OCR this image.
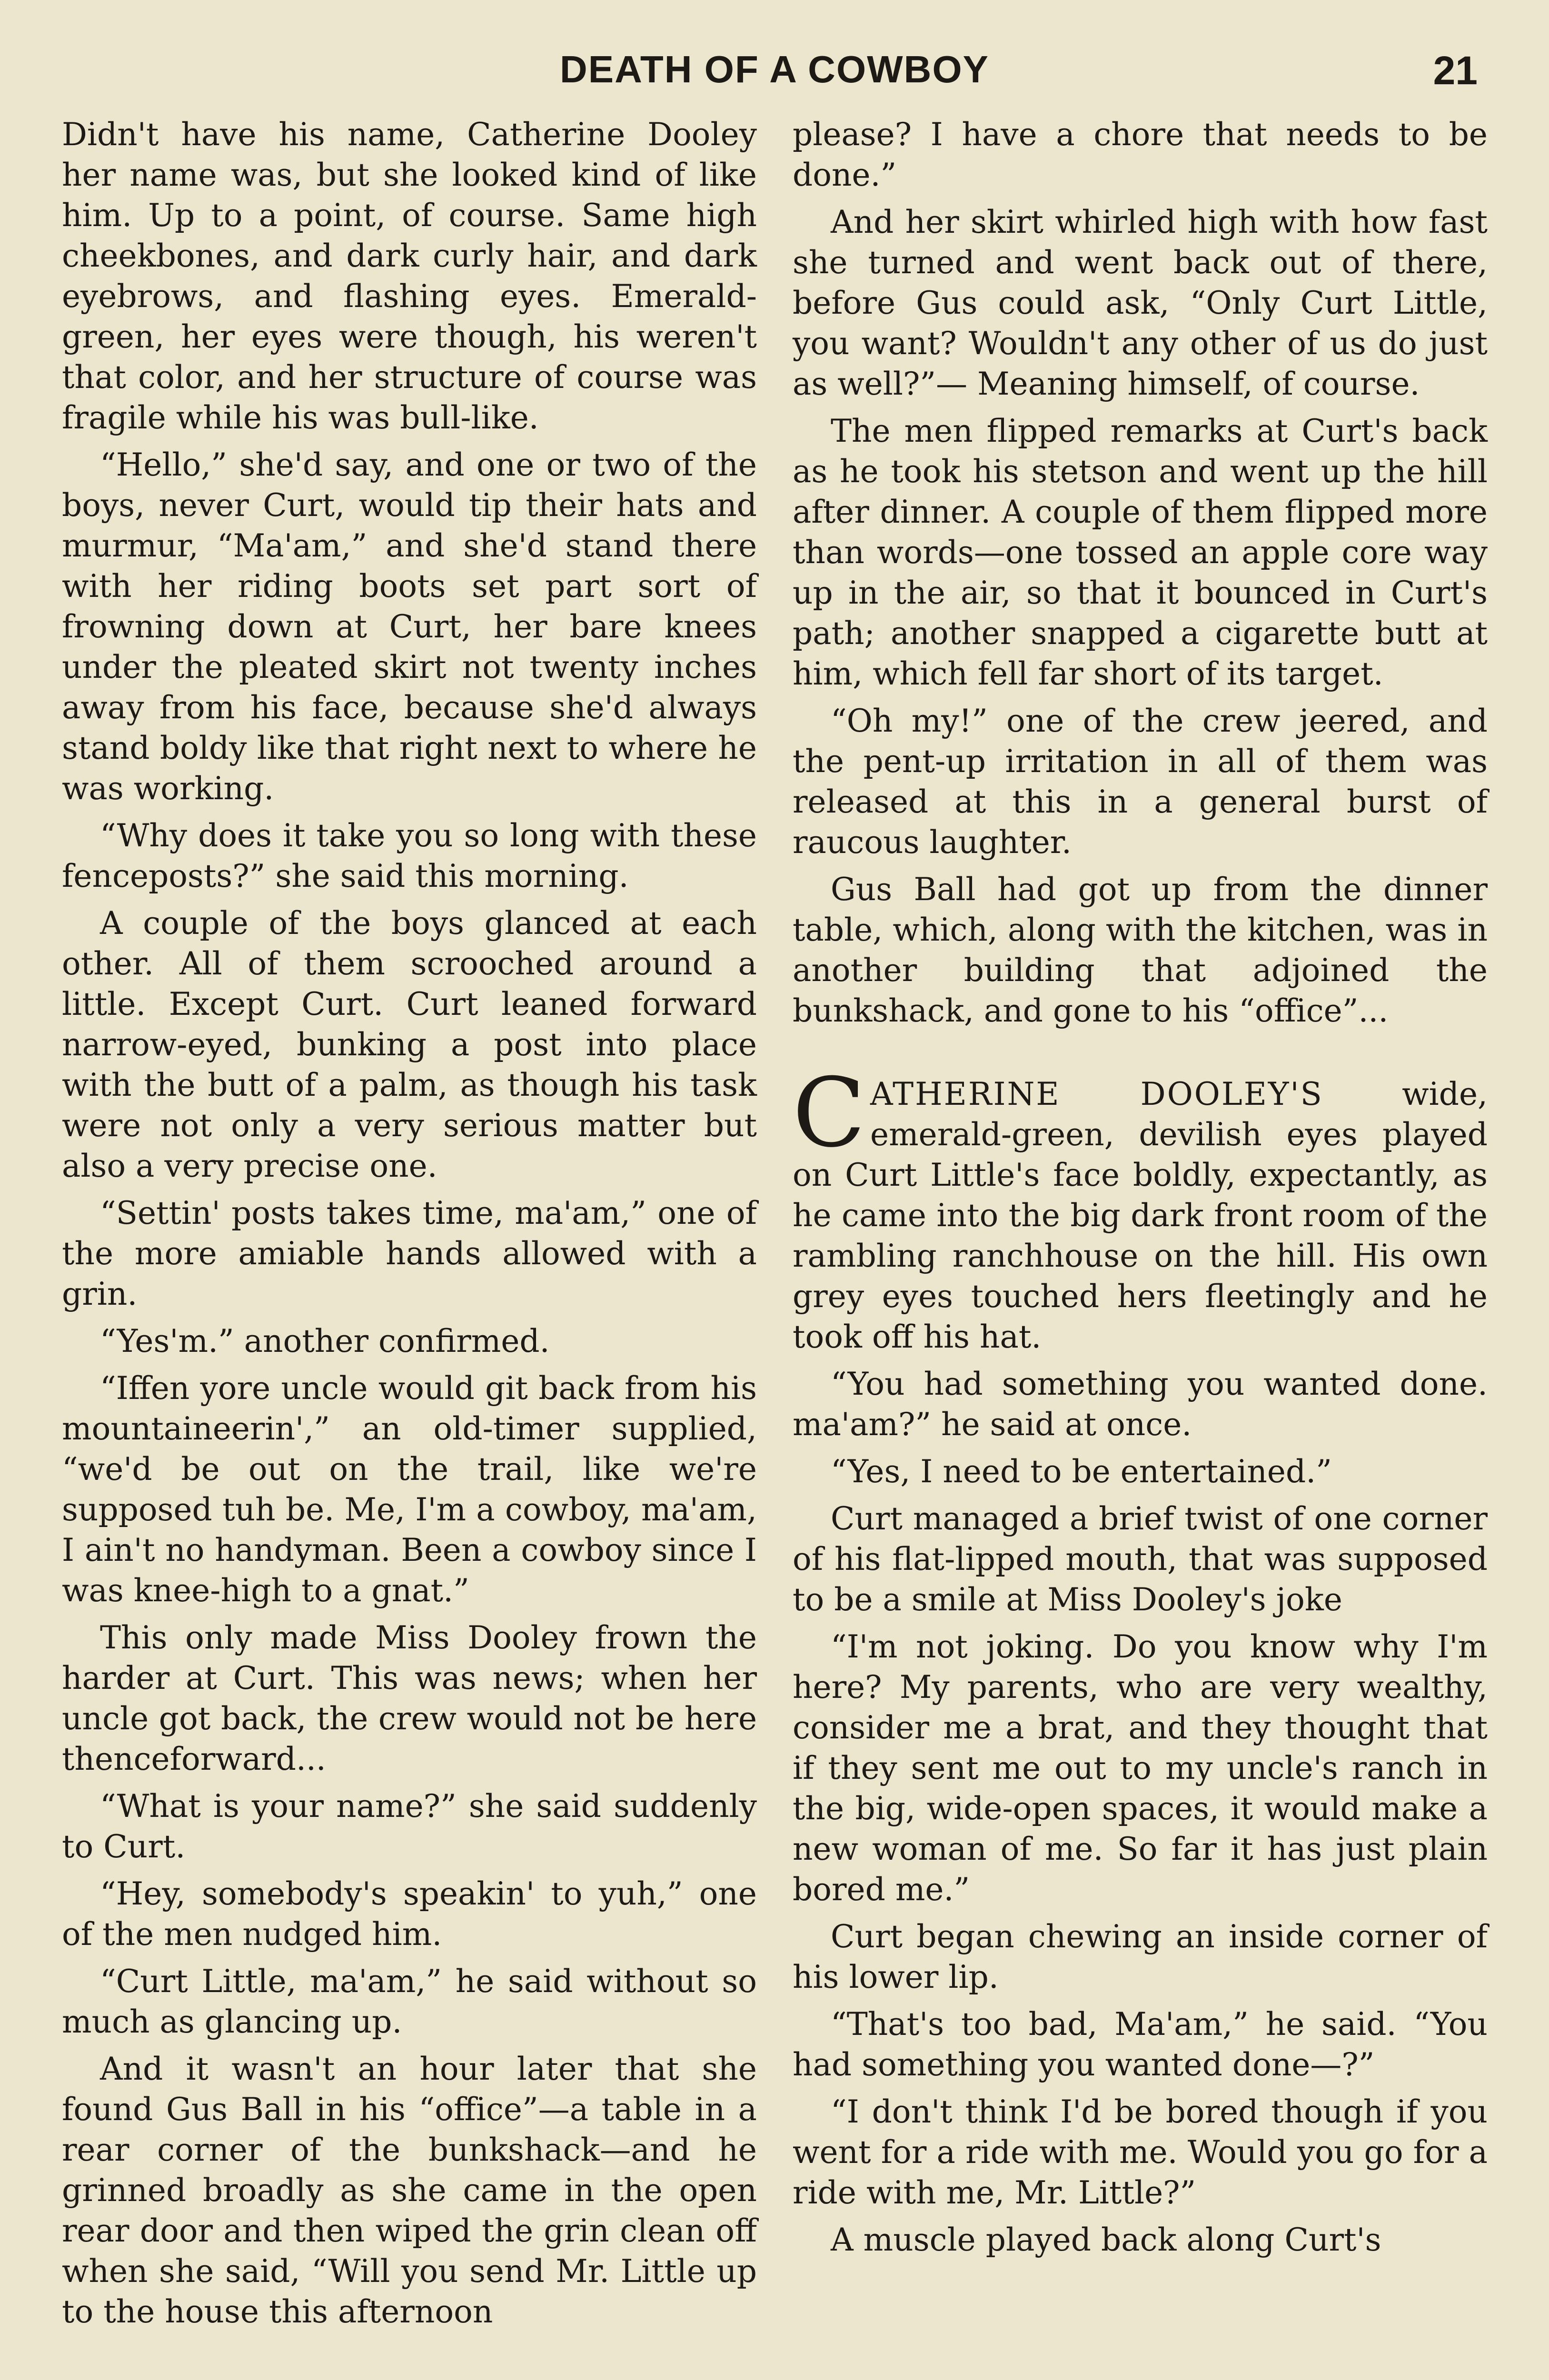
DEATH OF A COWBOY	21

Didn't have his name, Catherine Dooley her name was, but she looked kind of like him. Up to a point, of course. Same high cheekbones, and dark curly hair, and dark eyebrows, and flashing eyes. Emerald-green, her eyes were though, his weren't that color, and her structure of course was fragile while his was bull-like.

“Hello,” she'd say, and one or two of the boys, never Curt, would tip their hats and murmur, “Ma'am,” and she'd stand there with her riding boots set part sort of frowning down at Curt, her bare knees under the pleated skirt not twenty inches away from his face, because she'd always stand boldy like that right next to where he was working.

“Why does it take you so long with these fenceposts?” she said this morning.

A couple of the boys glanced at each other. All of them scrooched around a little. Except Curt. Curt leaned forward narrow-eyed, bunking a post into place with the butt of a palm, as though his task were not only a very serious matter but also a very precise one.

“Settin' posts takes time, ma'am,” one of the more amiable hands allowed with a grin.

“Yes'm.” another confirmed.

“Iffen yore uncle would git back from his mountaineerin',” an old-timer supplied, “we'd be out on the trail, like we're supposed tuh be. Me, I'm a cowboy, ma'am, I ain't no handyman. Been a cowboy since I was knee-high to a gnat.”

This only made Miss Dooley frown the harder at Curt. This was news; when her uncle got back, the crew would not be here thenceforward...

“What is your name?” she said suddenly to Curt.

“Hey, somebody's speakin' to yuh,” one of the men nudged him.

“Curt Little, ma'am,” he said without so much as glancing up.

And it wasn't an hour later that she found Gus Ball in his “office”—a table in a rear corner of the bunkshack—and he grinned broadly as she came in the open rear door and then wiped the grin clean off when she said, “Will you send Mr. Little up to the house this afternoon

please? I have a chore that needs to be done.”

And her skirt whirled high with how fast she turned and went back out of there, before Gus could ask, “Only Curt Little, you want? Wouldn't any other of us do just as well?”— Meaning himself, of course.

The men flipped remarks at Curt's back as he took his stetson and went up the hill after dinner. A couple of them flipped more than words—one tossed an apple core way up in the air, so that it bounced in Curt's path; another snapped a cigarette butt at him, which fell far short of its target.

“Oh my!” one of the crew jeered, and the pent-up irritation in all of them was released at this in a general burst of raucous laughter.

Gus Ball had got up from the dinner table, which, along with the kitchen, was in another building that adjoined the bunkshack, and gone to his “office”...

CATHERINE DOOLEY'S wide, emerald-green, devilish eyes played on Curt Little's face boldly, expectantly, as he came into the big dark front room of the rambling ranchhouse on the hill. His own grey eyes touched hers fleetingly and he took off his hat.

“You had something you wanted done. ma'am?” he said at once.

“Yes, I need to be entertained.”

Curt managed a brief twist of one corner of his flat-lipped mouth, that was supposed to be a smile at Miss Dooley's joke

“I'm not joking. Do you know why I'm here? My parents, who are very wealthy, consider me a brat, and they thought that if they sent me out to my uncle's ranch in the big, wide-open spaces, it would make a new woman of me. So far it has just plain bored me.”

Curt began chewing an inside corner of his lower lip.

“That's too bad, Ma'am,” he said. “You had something you wanted done—?”

“I don't think I'd be bored though if you went for a ride with me. Would you go for a ride with me, Mr. Little?”

A muscle played back along Curt's
